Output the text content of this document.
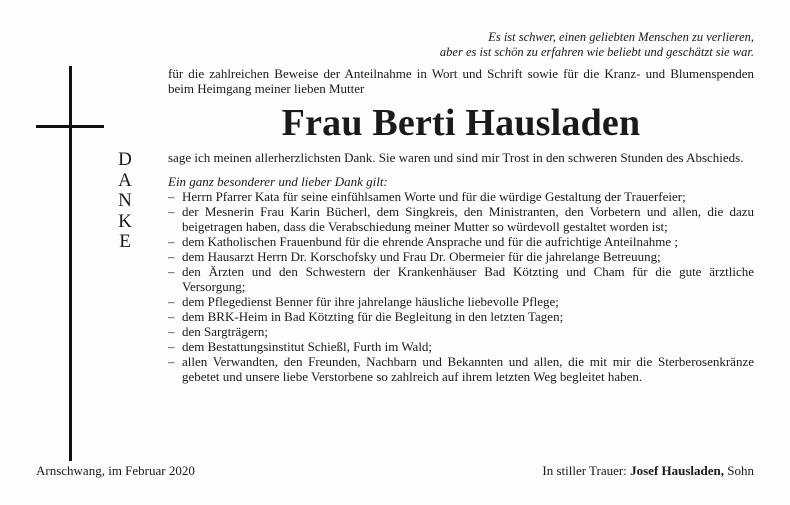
Es ist schwer, einen geliebten Menschen zu verlieren,
aber es ist schön zu erfahren wie beliebt und geschätzt sie war.
für die zahlreichen Beweise der Anteilnahme in Wort und Schrift sowie für die Kranz- und Blumenspenden beim Heimgang meiner lieben Mutter
Frau Berti Hausladen
D
A
N
K
E
sage ich meinen allerherzlichsten Dank. Sie waren und sind mir Trost in den schweren Stunden des Abschieds.
Ein ganz besonderer und lieber Dank gilt:
– Herrn Pfarrer Kata für seine einfühlsamen Worte und für die würdige Gestaltung der Trauerfeier;
– der Mesnerin Frau Karin Bücherl, dem Singkreis, den Ministranten, den Vorbetern und allen, die dazu beigetragen haben, dass die Verabschiedung meiner Mutter so würdevoll gestaltet worden ist;
– dem Katholischen Frauenbund für die ehrende Ansprache und für die aufrichtige Anteilnahme ;
– dem Hausarzt Herrn Dr. Korschofsky und Frau Dr. Obermeier für die jahrelange Betreuung;
– den Ärzten und den Schwestern der Krankenhäuser Bad Kötzting und Cham für die gute ärztliche Versorgung;
– dem Pflegedienst Benner für ihre jahrelange häusliche liebevolle Pflege;
– dem BRK-Heim in Bad Kötzting für die Begleitung in den letzten Tagen;
– den Sargträgern;
– dem Bestattungsinstitut Schießl, Furth im Wald;
– allen Verwandten, den Freunden, Nachbarn und Bekannten und allen, die mit mir die Sterberosenkränze gebetet und unsere liebe Verstorbene so zahlreich auf ihrem letzten Weg begleitet haben.
Arnschwang, im Februar 2020	In stiller Trauer: Josef Hausladen, Sohn
